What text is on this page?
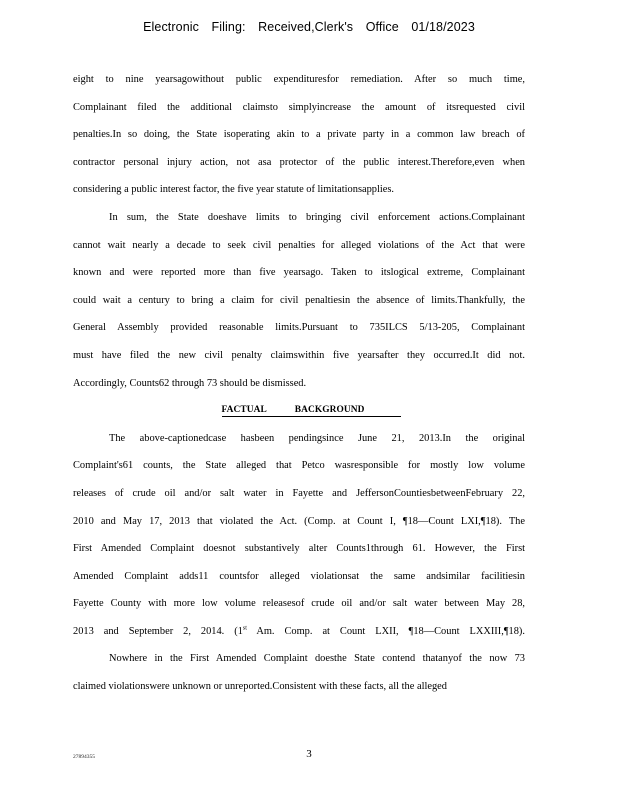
Electronic Filing: Received,Clerk's Office 01/18/2023
eight to nine yearsagowithout public expendituresfor remediation. After so much time,
Complainant filed the additional claimsto simplyincrease the amount of itsrequested civil
penalties.In so doing, the State isoperating akin to a private party in a common law breach of
contractor personal injury action, not asa protector of the public interest.Therefore,even when
considering a public interest factor, the five year statute of limitationsapplies.
In sum, the State doeshave limits to bringing civil enforcement actions.Complainant
cannot wait nearly a decade to seek civil penalties for alleged violations of the Act that were
known and were reported more than five yearsago. Taken to itslogical extreme, Complainant
could wait a century to bring a claim for civil penaltiesin the absence of limits.Thankfully, the
General Assembly provided reasonable limits.Pursuant to 735ILCS 5/13-205, Complainant
must have filed the new civil penalty claimswithin five yearsafter they occurred.It did not.
Accordingly, Counts62 through 73 should be dismissed.
FACTUAL BACKGROUND
The above-captionedcase hasbeen pendingsince June 21, 2013.In the original
Complaint's61 counts, the State alleged that Petco wasresponsible for mostly low volume
releases of crude oil and/or salt water in Fayette and JeffersonCountiesbetweenFebruary 22,
2010 and May 17, 2013 that violated the Act. (Comp. at Count I, ¶18—Count LXI,¶18). The
First Amended Complaint doesnot substantively alter Counts1through 61. However, the First
Amended Complaint adds11 countsfor alleged violationsat the same andsimilar facilitiesin
Fayette County with more low volume releasesof crude oil and/or salt water between May 28,
2013 and September 2, 2014. (1st Am. Comp. at Count LXII, ¶18—Count LXXIII,¶18).
Nowhere in the First Amended Complaint doesthe State contend thatanyof the now 73
claimed violationswere unknown or unreported.Consistent with these facts, all the alleged
27894355	3
